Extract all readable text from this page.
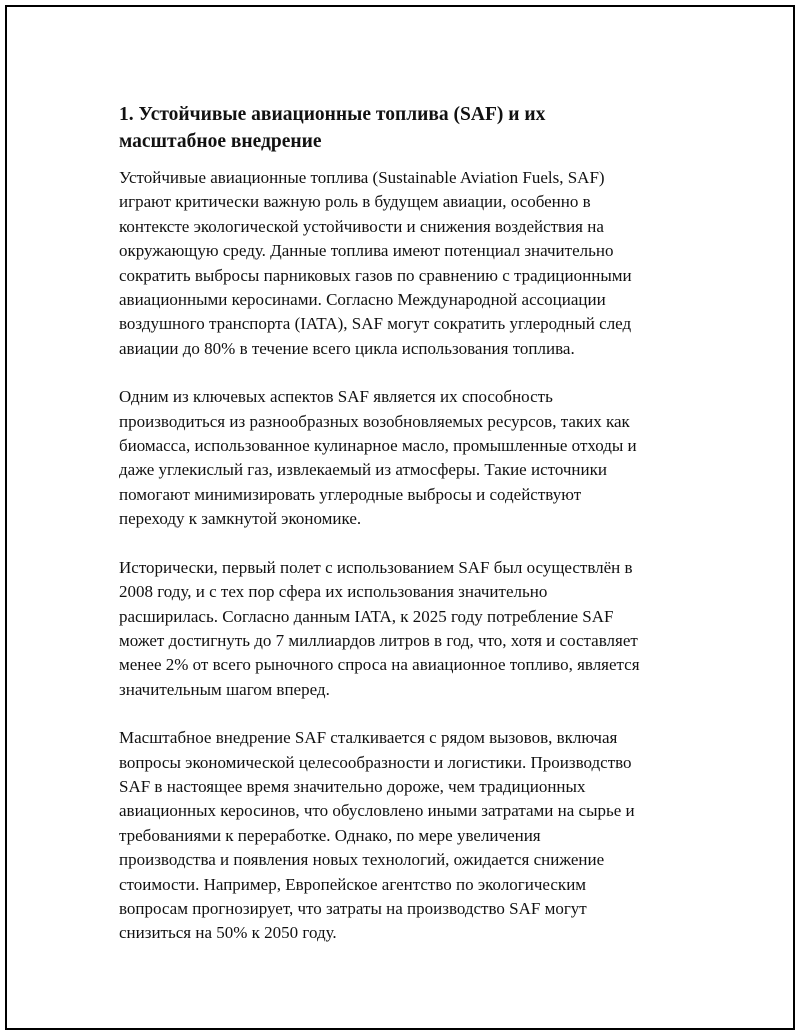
1. Устойчивые авиационные топлива (SAF) и их
масштабное внедрение

Устойчивые авиационные топлива (Sustainable Aviation Fuels, SAF)
играют критически важную роль в будущем авиации, особенно в
контексте экологической устойчивости и снижения воздействия на
окружающую среду. Данные топлива имеют потенциал значительно
сократить выбросы парниковых газов по сравнению с традиционными
авиационными керосинами. Согласно Международной ассоциации
воздушного транспорта (IATA), SAF могут сократить углеродный след
авиации до 80% в течение всего цикла использования топлива.

Одним из ключевых аспектов SAF является их способность
производиться из разнообразных возобновляемых ресурсов, таких как
биомасса, использованное кулинарное масло, промышленные отходы и
даже углекислый газ, извлекаемый из атмосферы. Такие источники
помогают минимизировать углеродные выбросы и содействуют
переходу к замкнутой экономике.

Исторически, первый полет с использованием SAF был осуществлён в
2008 году, и с тех пор сфера их использования значительно
расширилась. Согласно данным IATA, к 2025 году потребление SAF
может достигнуть до 7 миллиардов литров в год, что, хотя и составляет
менее 2% от всего рыночного спроса на авиационное топливо, является
значительным шагом вперед.

Масштабное внедрение SAF сталкивается с рядом вызовов, включая
вопросы экономической целесообразности и логистики. Производство
SAF в настоящее время значительно дороже, чем традиционных
авиационных керосинов, что обусловлено иными затратами на сырье и
требованиями к переработке. Однако, по мере увеличения
производства и появления новых технологий, ожидается снижение
стоимости. Например, Европейское агентство по экологическим
вопросам прогнозирует, что затраты на производство SAF могут
снизиться на 50% к 2050 году.
